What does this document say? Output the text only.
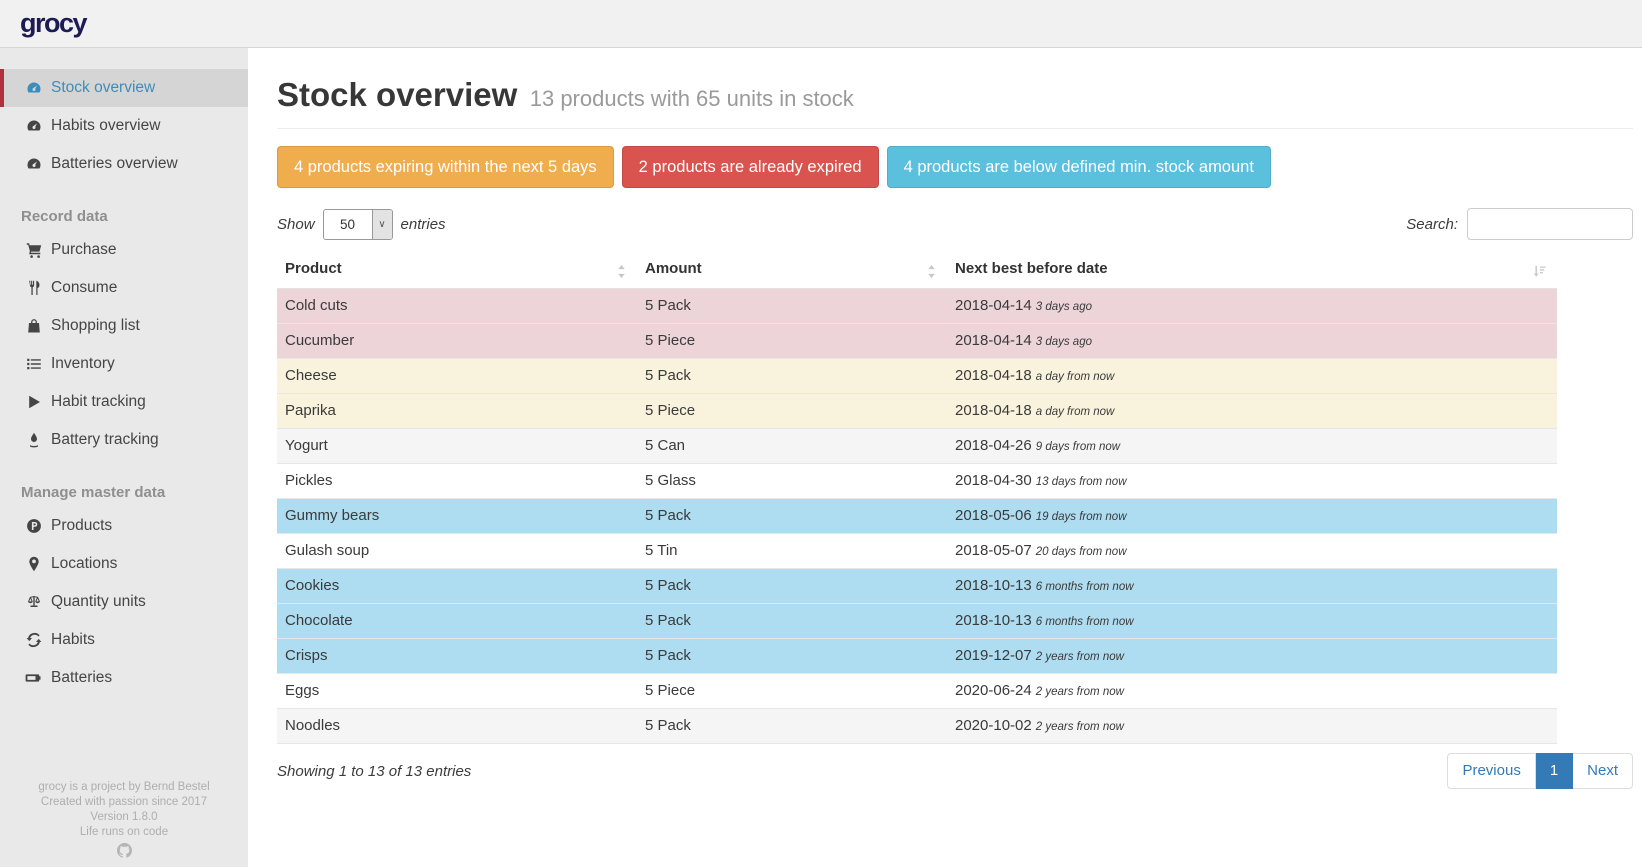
grocy
Stock overview
Habits overview
Batteries overview
Record data
Purchase
Consume
Shopping list
Inventory
Habit tracking
Battery tracking
Manage master data
Products
Locations
Quantity units
Habits
Batteries
grocy is a project by Bernd Bestel
Created with passion since 2017
Version 1.8.0
Life runs on code
Stock overview 13 products with 65 units in stock
4 products expiring within the next 5 days	2 products are already expired	4 products are below defined min. stock amount
Show	50	∨ entries	Search:
Product	Amount	Next best before date

Cold cuts	5 Pack	2018-04-14 3 days ago
Cucumber	5 Piece	2018-04-14 3 days ago
Cheese	5 Pack	2018-04-18 a day from now
Paprika	5 Piece	2018-04-18 a day from now
Yogurt	5 Can	2018-04-26 9 days from now
Pickles	5 Glass	2018-04-30 13 days from now
Gummy bears	5 Pack	2018-05-06 19 days from now
Gulash soup	5 Tin	2018-05-07 20 days from now
Cookies	5 Pack	2018-10-13 6 months from now
Chocolate	5 Pack	2018-10-13 6 months from now
Crisps	5 Pack	2019-12-07 2 years from now
Eggs	5 Piece	2020-06-24 2 years from now
Noodles	5 Pack	2020-10-02 2 years from now
Showing 1 to 13 of 13 entries	Previous	1	Next
